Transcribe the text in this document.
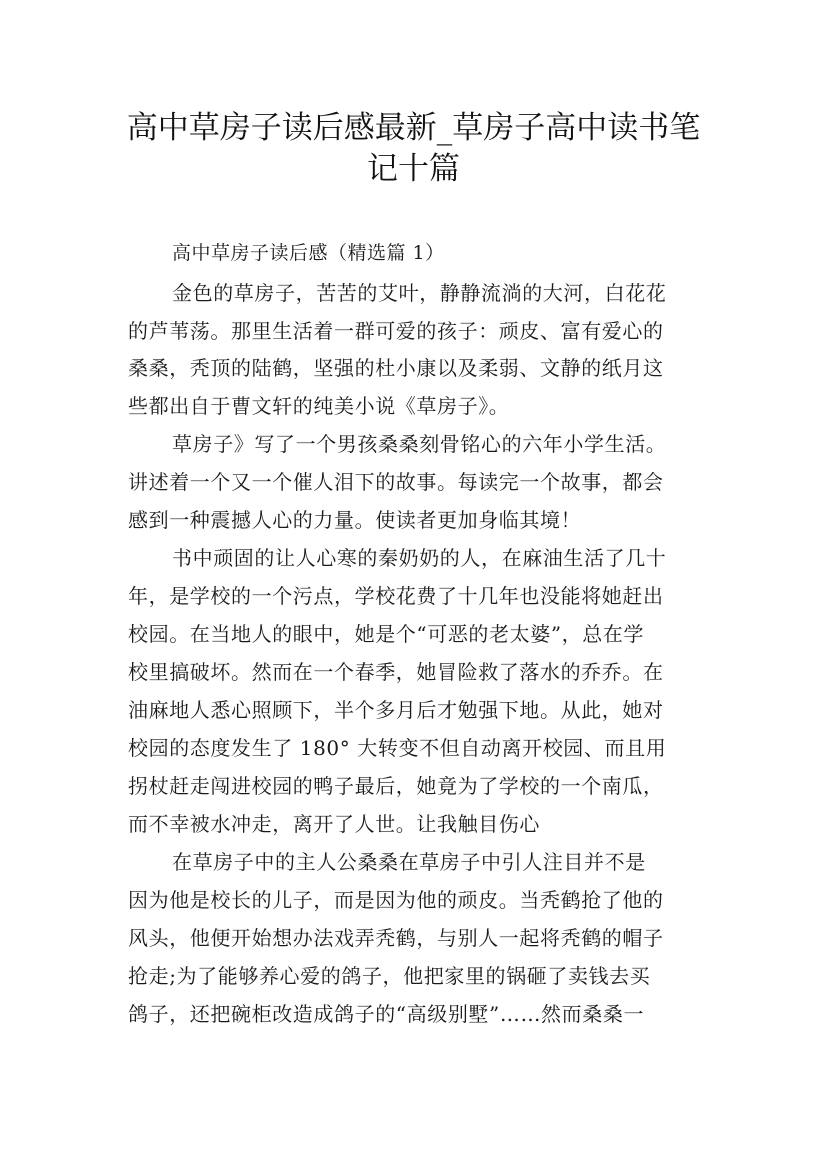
高中草房子读后感最新_草房子高中读书笔
记十篇
高中草房子读后感（精选篇 1）
金色的草房子，苦苦的艾叶，静静流淌的大河，白花花
的芦苇荡。那里生活着一群可爱的孩子：顽皮、富有爱心的
桑桑，秃顶的陆鹤，坚强的杜小康以及柔弱、文静的纸月这
些都出自于曹文轩的纯美小说《草房子》。
草房子》写了一个男孩桑桑刻骨铭心的六年小学生活。
讲述着一个又一个催人泪下的故事。每读完一个故事，都会
感到一种震撼人心的力量。使读者更加身临其境！
书中顽固的让人心寒的秦奶奶的人，在麻油生活了几十
年，是学校的一个污点，学校花费了十几年也没能将她赶出
校园。在当地人的眼中，她是个“可恶的老太婆”，总在学
校里搞破坏。然而在一个春季，她冒险救了落水的乔乔。在
油麻地人悉心照顾下，半个多月后才勉强下地。从此，她对
校园的态度发生了 180° 大转变不但自动离开校园、而且用
拐杖赶走闯进校园的鸭子最后，她竟为了学校的一个南瓜，
而不幸被水冲走，离开了人世。让我触目伤心
在草房子中的主人公桑桑在草房子中引人注目并不是
因为他是校长的儿子，而是因为他的顽皮。当秃鹤抢了他的
风头，他便开始想办法戏弄秃鹤，与别人一起将秃鹤的帽子
抢走;为了能够养心爱的鸽子，他把家里的锅砸了卖钱去买
鸽子，还把碗柜改造成鸽子的“高级别墅”……然而桑桑一
